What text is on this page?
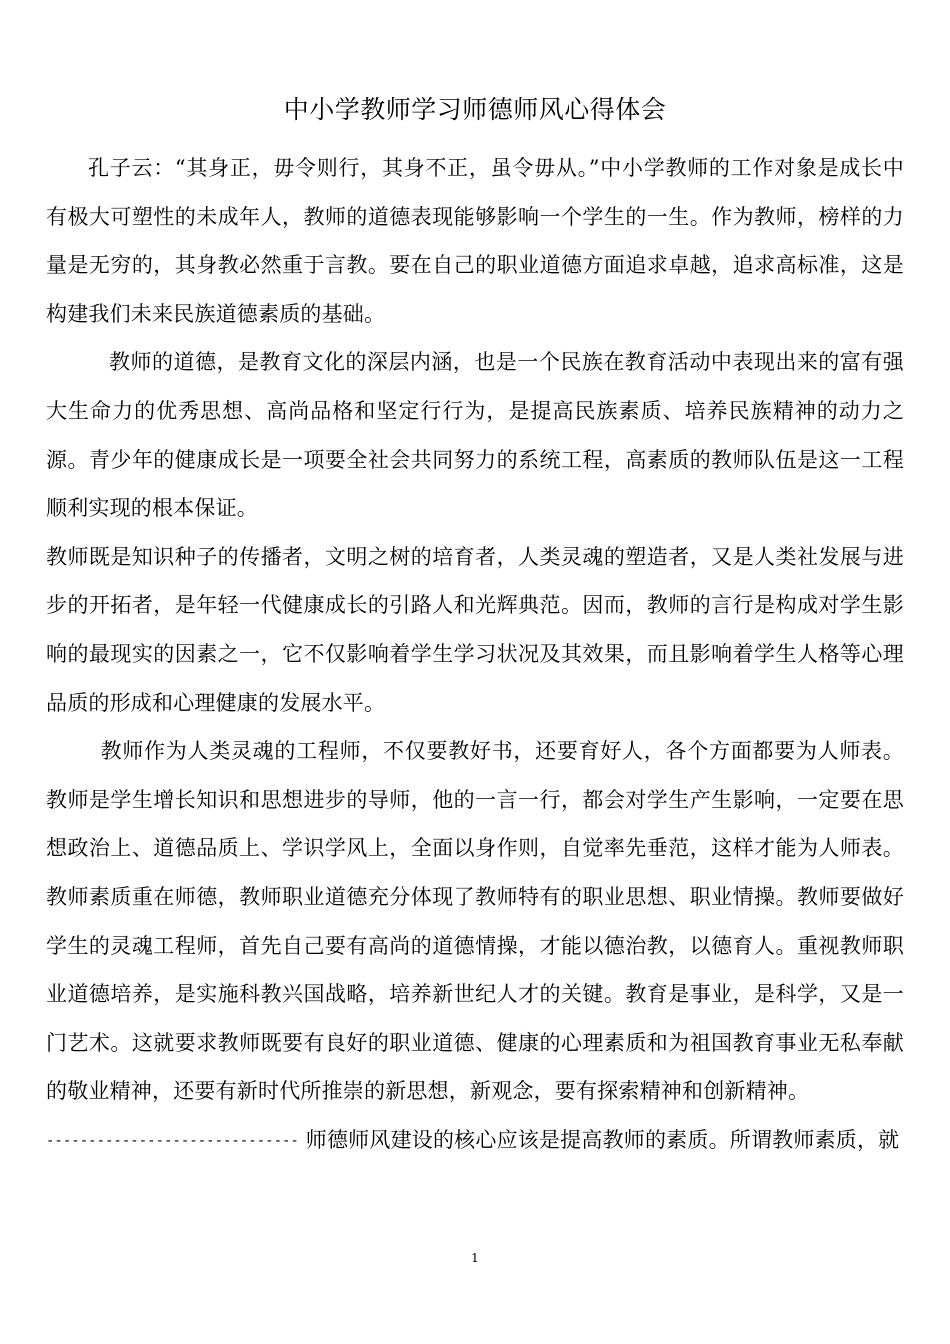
中小学教师学习师德师风心得体会

孔子云：“其身正，毋令则行，其身不正，虽令毋从。”中小学教师的工作对象是成长中有极大可塑性的未成年人，教师的道德表现能够影响一个学生的一生。作为教师，榜样的力量是无穷的，其身教必然重于言教。要在自己的职业道德方面追求卓越，追求高标准，这是构建我们未来民族道德素质的基础。

教师的道德，是教育文化的深层内涵，也是一个民族在教育活动中表现出来的富有强大生命力的优秀思想、高尚品格和坚定行行为，是提高民族素质、培养民族精神的动力之源。青少年的健康成长是一项要全社会共同努力的系统工程，高素质的教师队伍是这一工程顺利实现的根本保证。

教师既是知识种子的传播者，文明之树的培育者，人类灵魂的塑造者，又是人类社发展与进步的开拓者，是年轻一代健康成长的引路人和光辉典范。因而，教师的言行是构成对学生影响的最现实的因素之一，它不仅影响着学生学习状况及其效果，而且影响着学生人格等心理品质的形成和心理健康的发展水平。

教师作为人类灵魂的工程师，不仅要教好书，还要育好人，各个方面都要为人师表。教师是学生增长知识和思想进步的导师，他的一言一行，都会对学生产生影响，一定要在思想政治上、道德品质上、学识学风上，全面以身作则，自觉率先垂范，这样才能为人师表。教师素质重在师德，教师职业道德充分体现了教师特有的职业思想、职业情操。教师要做好学生的灵魂工程师，首先自己要有高尚的道德情操，才能以德治教，以德育人。重视教师职业道德培养，是实施科教兴国战略，培养新世纪人才的关键。教育是事业，是科学，又是一门艺术。这就要求教师既要有良好的职业道德、健康的心理素质和为祖国教育事业无私奉献的敬业精神，还要有新时代所推崇的新思想，新观念，要有探索精神和创新精神。

------------------------------ 师德师风建设的核心应该是提高教师的素质。所谓教师素质，就

1
